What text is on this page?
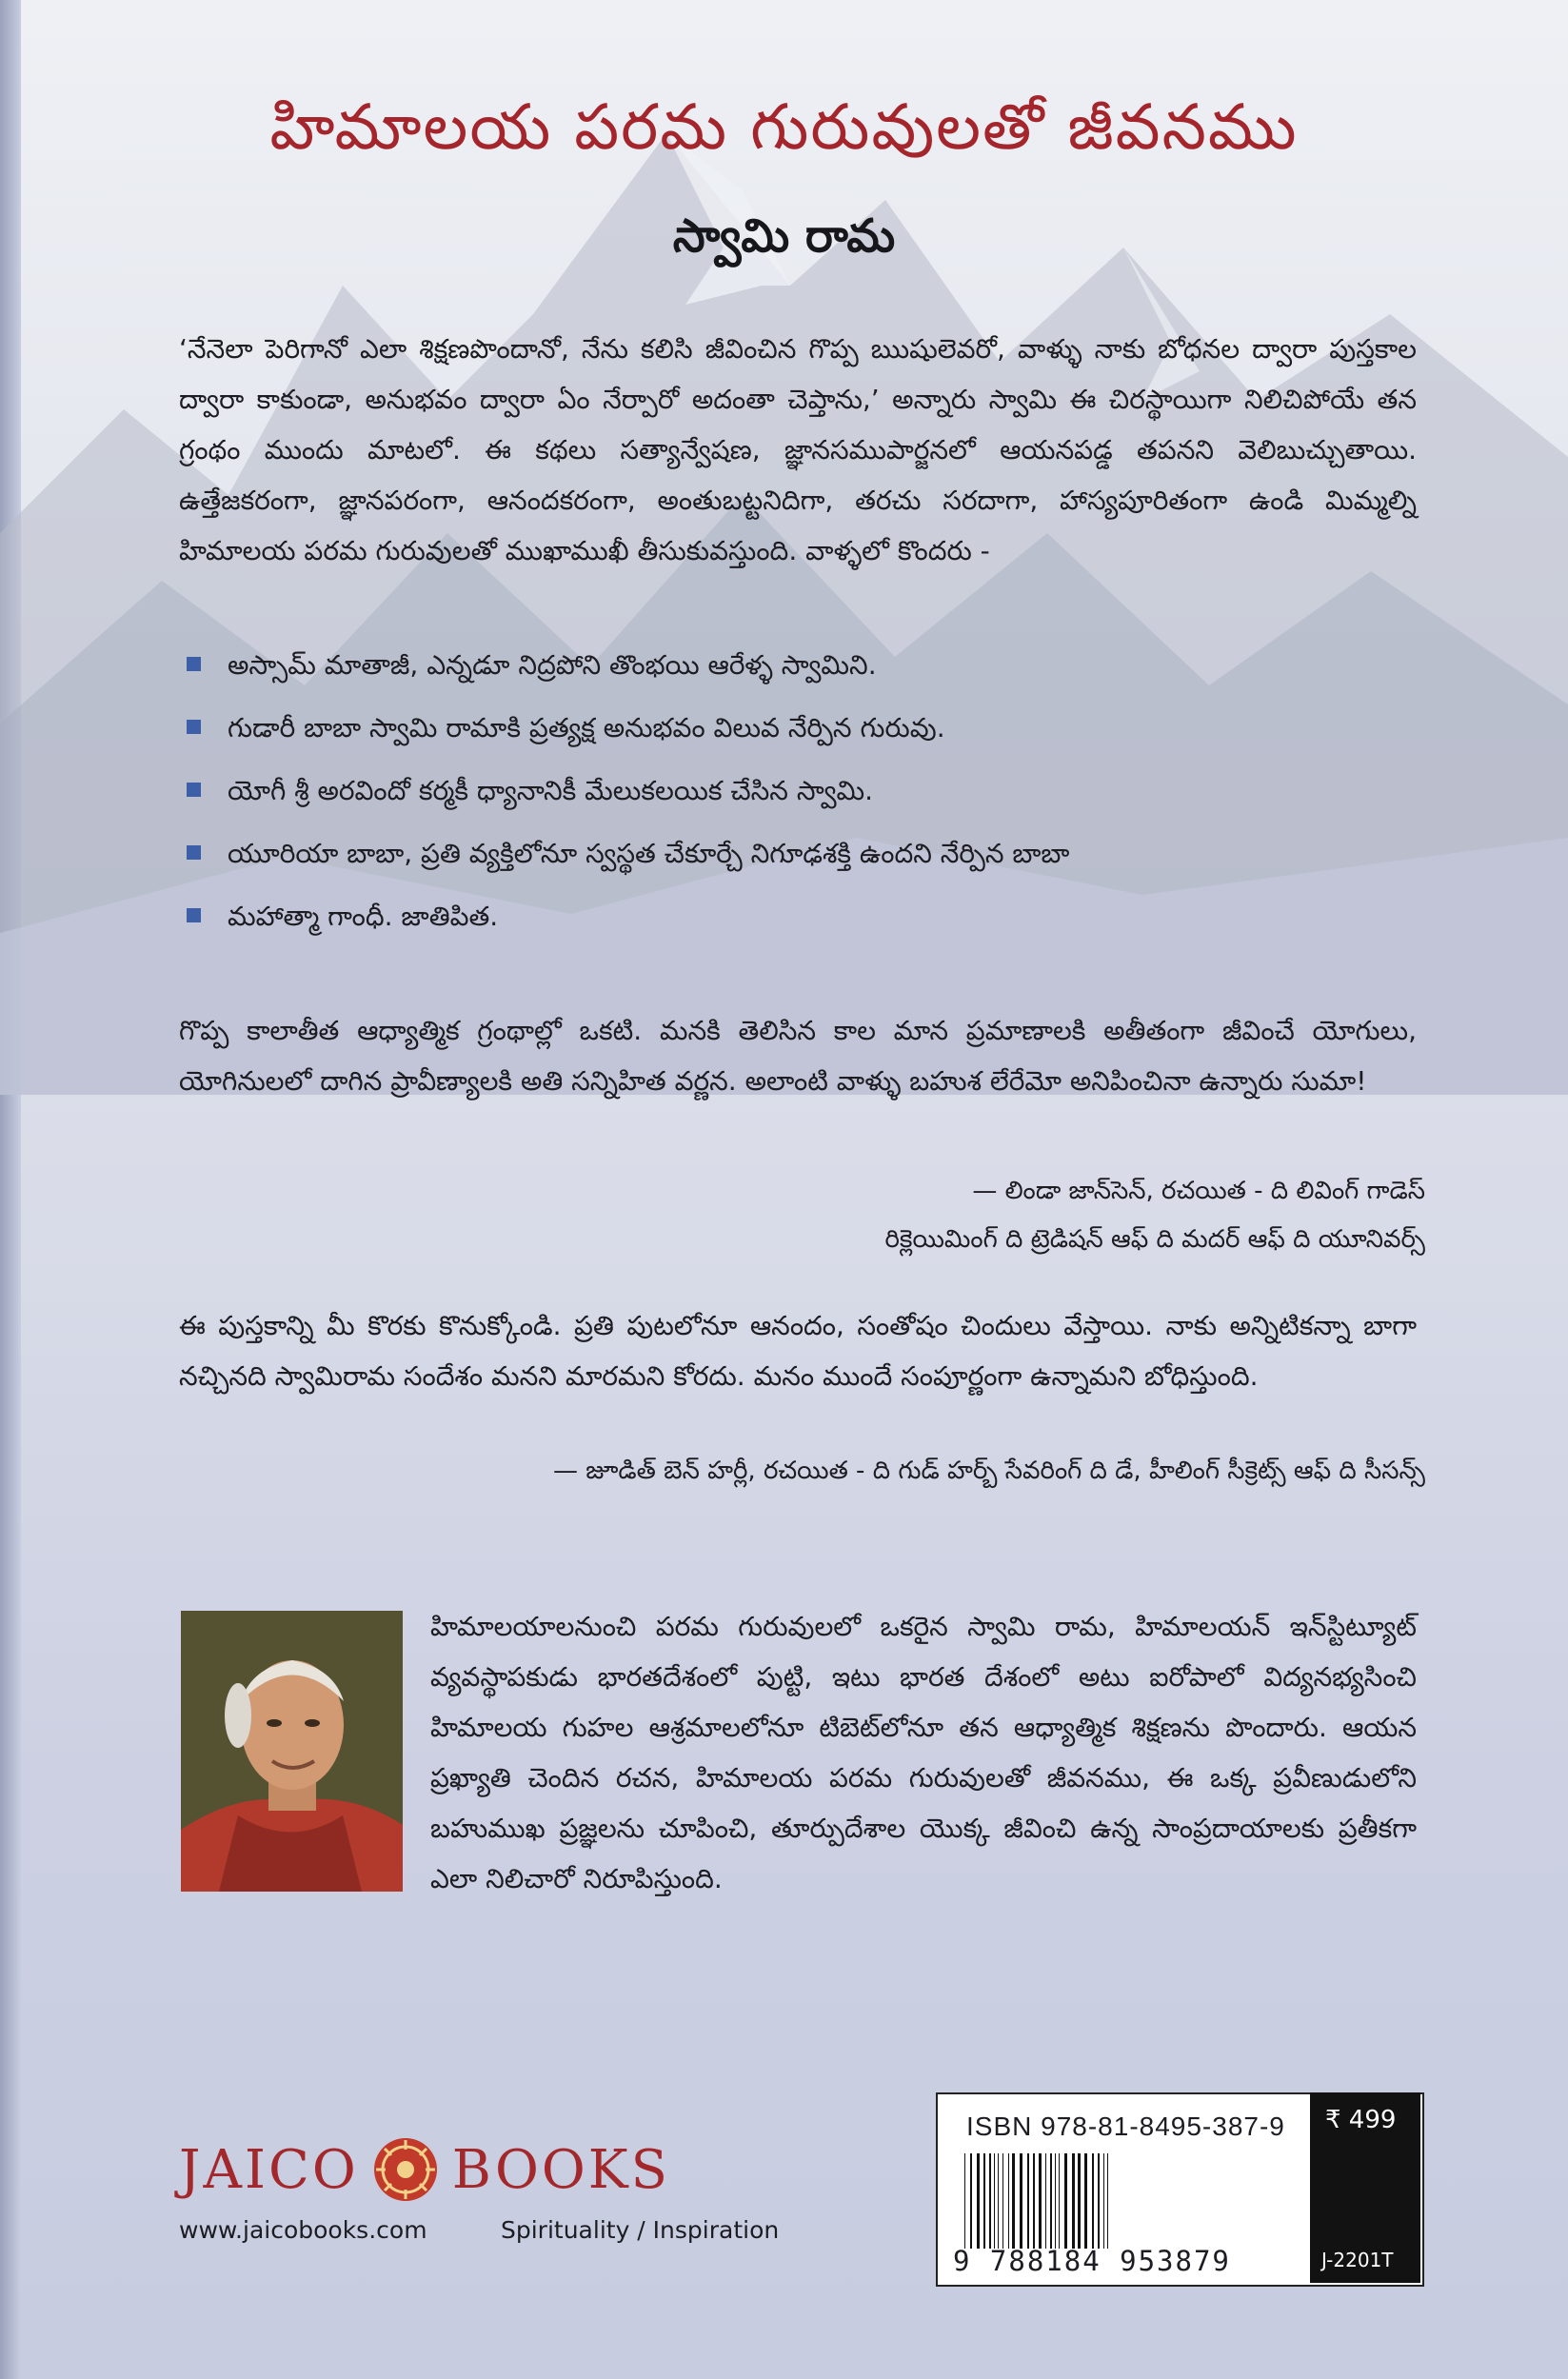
హిమాలయ పరమ గురువులతో జీవనము
స్వామి రామ
‘నేనెలా పెరిగానో ఎలా శిక్షణపొందానో, నేను కలిసి జీవించిన గొప్ప ఋషులెవరో, వాళ్ళు నాకు బోధనల ద్వారా పుస్తకాల ద్వారా కాకుండా, అనుభవం ద్వారా ఏం నేర్పారో అదంతా చెప్తాను,’ అన్నారు స్వామి ఈ చిరస్థాయిగా నిలిచిపోయే తన గ్రంథం ముందు మాటలో. ఈ కథలు సత్యాన్వేషణ, జ్ఞానసముపార్జనలో ఆయనపడ్డ తపనని వెలిబుచ్చుతాయి. ఉత్తేజకరంగా, జ్ఞానపరంగా, ఆనందకరంగా, అంతుబట్టనిదిగా, తరచు సరదాగా, హాస్యపూరితంగా ఉండి మిమ్మల్ని హిమాలయ పరమ గురువులతో ముఖాముఖీ తీసుకువస్తుంది. వాళ్ళలో కొందరు -
అస్సామ్ మాతాజీ, ఎన్నడూ నిద్రపోని తొంభయి ఆరేళ్ళ స్వామిని.
గుడారీ బాబా స్వామి రామాకి ప్రత్యక్ష అనుభవం విలువ నేర్పిన గురువు.
యోగీ శ్రీ అరవిందో కర్మకీ ధ్యానానికీ మేలుకలయిక చేసిన స్వామి.
యూరియా బాబా, ప్రతి వ్యక్తిలోనూ స్వస్థత చేకూర్చే నిగూఢశక్తి ఉందని నేర్పిన బాబా
మహాత్మా గాంధీ. జాతిపిత.
గొప్ప కాలాతీత ఆధ్యాత్మిక గ్రంథాల్లో ఒకటి. మనకి తెలిసిన కాల మాన ప్రమాణాలకి అతీతంగా జీవించే యోగులు, యోగినులలో దాగిన ప్రావీణ్యాలకి అతి సన్నిహిత వర్ణన. అలాంటి వాళ్ళు బహుశ లేరేమో అనిపించినా ఉన్నారు సుమా!
— లిండా జాన్‌సెన్, రచయిత - ది లివింగ్ గాడెస్
రిక్లెయిమింగ్ ది ట్రెడిషన్ ఆఫ్ ది మదర్ ఆఫ్ ది యూనివర్స్
ఈ పుస్తకాన్ని మీ కొరకు కొనుక్కోండి. ప్రతి పుటలోనూ ఆనందం, సంతోషం చిందులు వేస్తాయి. నాకు అన్నిటికన్నా బాగా నచ్చినది స్వామిరామ సందేశం మనని మారమని కోరదు. మనం ముందే సంపూర్ణంగా ఉన్నామని బోధిస్తుంది.
— జూడిత్ బెన్ హర్లీ, రచయిత - ది గుడ్ హర్బ్ సేవరింగ్ ది డే, హీలింగ్ సీక్రెట్స్ ఆఫ్ ది సీసన్స్
హిమాలయాలనుంచి పరమ గురువులలో ఒకరైన స్వామి రామ, హిమాలయన్ ఇన్‌స్టిట్యూట్ వ్యవస్థాపకుడు భారతదేశంలో పుట్టి, ఇటు భారత దేశంలో అటు ఐరోపాలో విద్యనభ్యసించి హిమాలయ గుహల ఆశ్రమాలలోనూ టిబెట్‌లోనూ తన ఆధ్యాత్మిక శిక్షణను పొందారు. ఆయన ప్రఖ్యాతి చెందిన రచన, హిమాలయ పరమ గురువులతో జీవనము, ఈ ఒక్క ప్రవీణుడులోని బహుముఖ ప్రజ్ఞలను చూపించి, తూర్పుదేశాల యొక్క జీవించి ఉన్న సాంప్రదాయాలకు ప్రతీకగా ఎలా నిలిచారో నిరూపిస్తుంది.
JAICO BOOKS
www.jaicobooks.com	Spirituality / Inspiration
ISBN 978-81-8495-387-9
9 788184 953879
₹ 499
J-2201T
